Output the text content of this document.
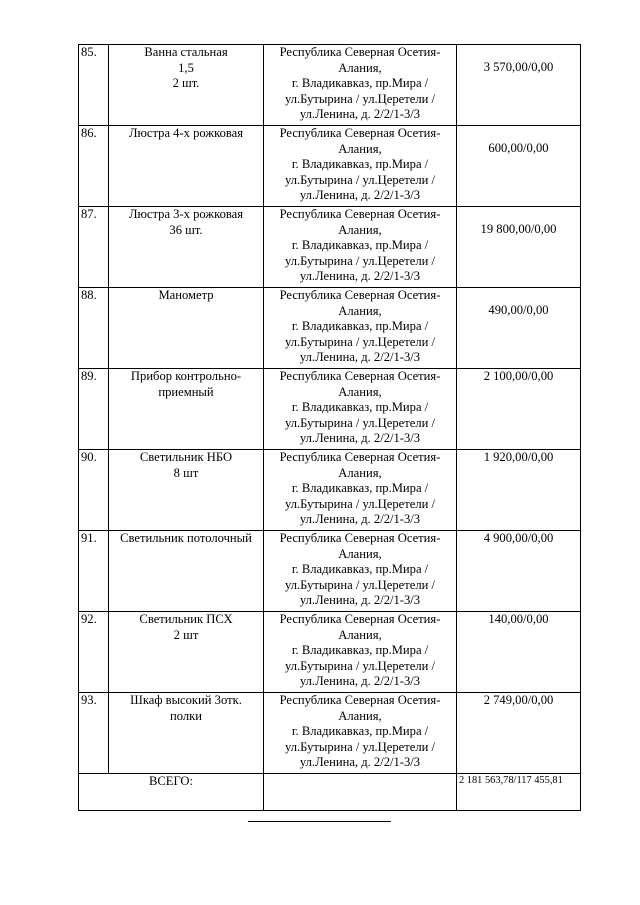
85.	Ванна стальная
1,5
2 шт.	Республика Северная Осетия-
Алания,
г. Владикавказ, пр.Мира /
ул.Бутырина / ул.Церетели /
ул.Ленина, д. 2/2/1-3/3	3 570,00/0,00

86.	Люстра 4-х рожковая	Республика Северная Осетия-
Алания,
г. Владикавказ, пр.Мира /
ул.Бутырина / ул.Церетели /
ул.Ленина, д. 2/2/1-3/3	600,00/0,00

87.	Люстра 3-х рожковая
36 шт.	Республика Северная Осетия-
Алания,
г. Владикавказ, пр.Мира /
ул.Бутырина / ул.Церетели /
ул.Ленина, д. 2/2/1-3/3	19 800,00/0,00

88.	Манометр	Республика Северная Осетия-
Алания,
г. Владикавказ, пр.Мира /
ул.Бутырина / ул.Церетели /
ул.Ленина, д. 2/2/1-3/3	490,00/0,00

89.	Прибор контрольно-
приемный	Республика Северная Осетия-
Алания,
г. Владикавказ, пр.Мира /
ул.Бутырина / ул.Церетели /
ул.Ленина, д. 2/2/1-3/3	2 100,00/0,00

90.	Светильник НБО
8 шт	Республика Северная Осетия-
Алания,
г. Владикавказ, пр.Мира /
ул.Бутырина / ул.Церетели /
ул.Ленина, д. 2/2/1-3/3	1 920,00/0,00

91.	Светильник потолочный	Республика Северная Осетия-
Алания,
г. Владикавказ, пр.Мира /
ул.Бутырина / ул.Церетели /
ул.Ленина, д. 2/2/1-3/3	4 900,00/0,00

92.	Светильник ПСХ
2 шт	Республика Северная Осетия-
Алания,
г. Владикавказ, пр.Мира /
ул.Бутырина / ул.Церетели /
ул.Ленина, д. 2/2/1-3/3	140,00/0,00

93.	Шкаф высокий 3отк.
полки	Республика Северная Осетия-
Алания,
г. Владикавказ, пр.Мира /
ул.Бутырина / ул.Церетели /
ул.Ленина, д. 2/2/1-3/3	2 749,00/0,00

ВСЕГО:			2 181 563,78/117 455,81
